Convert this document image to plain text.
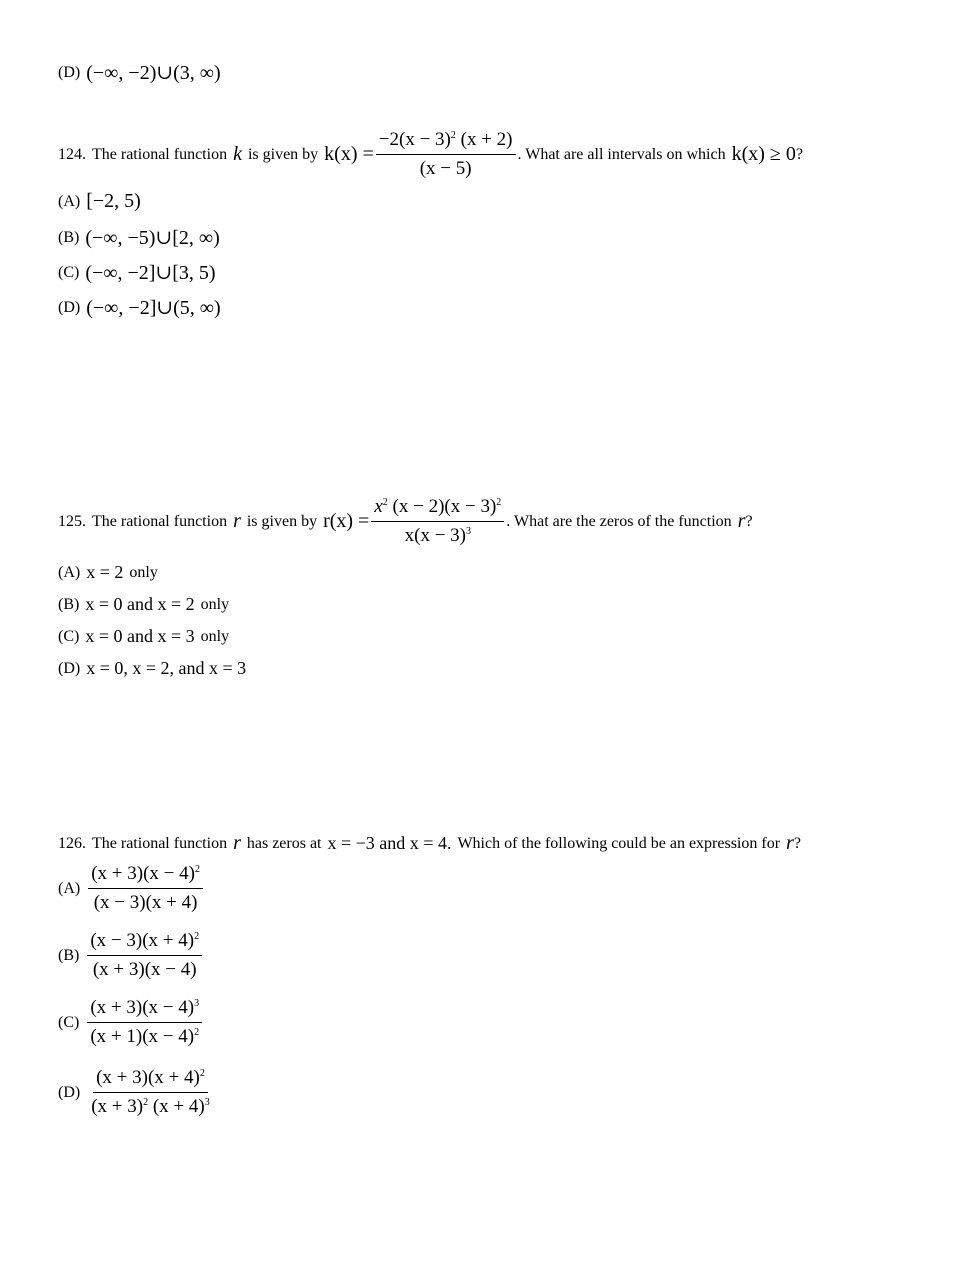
(D) (−∞, −2)∪(3, ∞)
124. The rational function k is given by $k(x) = \frac{-2(x - 3)^2 (x + 2)}{(x - 5)}$ . What are all intervals on which k(x) ≥ 0 ?
(A) [−2, 5)
(B) (−∞, −5)∪[2, ∞)
(C) (−∞, −2]∪[3, 5)
(D) (−∞, −2]∪(5, ∞)
125. The rational function r is given by $r(x) = \frac{x^2 (x - 2)(x - 3)^2}{x(x - 3)^3}$ . What are the zeros of the function r ?
(A) x = 2 only
(B) x = 0 and x = 2 only
(C) x = 0 and x = 3 only
(D) x = 0, x = 2, and x = 3
126. The rational function r has zeros at x = −3 and x = 4. Which of the following could be an expression for r ?
$(A) \frac{(x + 3)(x - 4)^2}{(x - 3)(x + 4)}$
$(B) \frac{(x - 3)(x + 4)^2}{(x + 3)(x - 4)}$
$(C) \frac{(x + 3)(x - 4)^3}{(x + 1)(x - 4)^2}$
$(D) \frac{(x + 3)(x + 4)^2}{(x + 3)^2 (x + 4)^3}$
